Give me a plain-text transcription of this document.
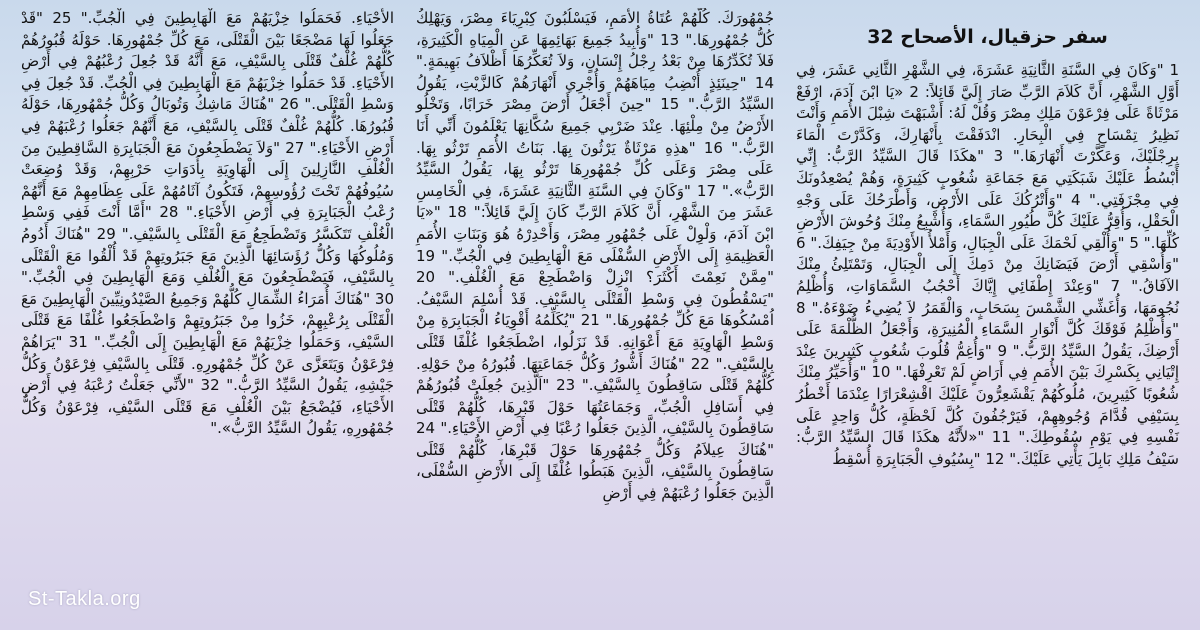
سفر حزقيال، الأصحاح 32
1 "وَكَانَ فِي السَّنَةِ الثَّانِيَةِ عَشَرَةَ، فِي الشَّهْرِ الثَّانِي عَشَرَ، فِي أَوَّلِ الشَّهْرِ، أَنَّ كَلاَمَ الرَّبِّ صَارَ إِلَيَّ قَائِلاً: 2 «يَا ابْنَ آدَمَ، ارْفَعْ مَرْثَاةً عَلَى فِرْعَوْنَ مَلِكِ مِصْرَ وَقُلْ لَهُ: أَشْبَهْتَ شِبْلَ الأُمَمِ وَأَنْتَ نَظِيرُ تِمْسَاحٍ فِي الْبِحَارِ. انْدَفَقْتَ بِأَنْهَارِكَ، وَكَدَّرْتَ الْمَاءَ بِرِجْلَيْكَ، وَعَكَّرْتَ أَنْهَارَهَا." 3 "هكَذَا قَالَ السَّيِّدُ الرَّبُّ: إِنِّي أَبْسُطُ عَلَيْكَ شَبَكَتِي مَعَ جَمَاعَةِ شُعُوبٍ كَثِيرَةٍ، وَهُمْ يُصْعِدُونَكَ فِي مِجْزَفَتِي." 4 "وَأَتْرُكُكَ عَلَى الأَرْضِ، وَأَطْرَحُكَ عَلَى وَجْهِ الْحَقْلِ، وَأُقِرُّ عَلَيْكَ كُلَّ طُيُورِ السَّمَاءِ، وَأُشْبِعُ مِنْكَ وُحُوشَ الأَرْضِ كُلِّهَا." 5 "وَأُلْقِي لَحْمَكَ عَلَى الْجِبَالِ، وَأَمْلأُ الأَوْدِيَةَ مِنْ جِيَفِكَ." 6 "وَأُسْقِي أَرْضَ فَيَضَانِكَ مِنْ دَمِكَ إِلَى الْجِبَالِ، وَتَمْتَلِئُ مِنْكَ الآفَاقُ." 7 "وَعِنْدَ إِطْفَائِي إِيَّاكَ أَحْجُبُ السَّمَاوَاتِ، وَأُظْلِمُ نُجُومَهَا، وَأُغَشِّي الشَّمْسَ بِسَحَابٍ، وَالْقَمَرُ لاَ يُضِيءُ ضَوْءَهُ." 8 "وَأُظْلِمُ فَوْقَكَ كُلَّ أَنْوَارِ السَّمَاءِ الْمُنِيرَةِ، وَأَجْعَلُ الظُّلْمَةَ عَلَى أَرْضِكَ، يَقُولُ السَّيِّدُ الرَّبُّ." 9 "وَأُغِمُّ قُلُوبَ شُعُوبٍ كَثِيرِينَ عِنْدَ إِتْيَانِي بِكَسْرِكَ بَيْنَ الأُمَمِ فِي أَرَاضٍ لَمْ تَعْرِفْهَا." 10 "وَأُحَيِّرُ مِنْكَ شُعُوبًا كَثِيرِينَ، مُلُوكُهُمْ يَقْشَعِرُّونَ عَلَيْكَ اقْشِعْرَارًا عِنْدَمَا أَخْطُرُ بِسَيْفِي قُدَّامَ وُجُوهِهِمْ، فَيَرْجُفُونَ كُلَّ لَحْظَةٍ، كُلُّ وَاحِدٍ عَلَى نَفْسِهِ فِي يَوْمِ سُقُوطِكَ." 11 "«لأَنَّهُ هكَذَا قَالَ السَّيِّدُ الرَّبُّ: سَيْفُ مَلِكِ بَابِلَ يَأْتِي عَلَيْكَ." 12 "بِسُيُوفِ الْجَبَابِرَةِ أُسْقِطُ
جُمْهُورَكَ. كُلُّهُمْ عُتَاةُ الأُمَمِ، فَيَسْلُبُونَ كِبْرِيَاءَ مِصْرَ، وَيَهْلِكُ كُلُّ جُمْهُورِهَا." 13 "وَأُبِيدُ جَمِيعَ بَهَائِمِهَا عَنِ الْمِيَاهِ الْكَثِيرَةِ، فَلاَ تُكَدِّرُهَا مِنْ بَعْدُ رِجْلُ إِنْسَانٍ، وَلاَ تُعَكِّرُهَا أَظْلاَفُ بَهِيمَةٍ." 14 "حِينَئِذٍ أُنْضِبُ مِيَاهَهُمْ وَأُجْرِي أَنْهَارَهُمْ كَالزَّيْتِ، يَقُولُ السَّيِّدُ الرَّبُّ." 15 "حِينَ أَجْعَلُ أَرْضَ مِصْرَ خَرَابًا، وَتَخْلُو الأَرْضُ مِنْ مِلْئِهَا. عِنْدَ ضَرْبِي جَمِيعَ سُكَّانِهَا يَعْلَمُونَ أَنِّي أَنَا الرَّبُّ." 16 "هذِهِ مَرْثَاةٌ يَرْثُونَ بِهَا. بَنَاتُ الأُمَمِ تَرْثُو بِهَا. عَلَى مِصْرَ وَعَلَى كُلِّ جُمْهُورِهَا تَرْثُو بِهَا، يَقُولُ السَّيِّدُ الرَّبُّ»." 17 "وَكَانَ فِي السَّنَةِ الثَّانِيَةِ عَشَرَةَ، فِي الْخَامِسِ عَشَرَ مِنَ الشَّهْرِ، أَنَّ كَلاَمَ الرَّبِّ كَانَ إِلَيَّ قَائِلاً:" 18 "«يَا ابْنَ آدَمَ، وَلْوِلْ عَلَى جُمْهُورِ مِصْرَ، وَأَحْدِرْهُ هُوَ وَبَنَاتِ الأُمَمِ الْعَظِيمَةِ إِلَى الأَرْضِ السُّفْلَى مَعَ الْهَابِطِينَ فِي الْجُبِّ." 19 "مِمَّنْ نَعِمْتَ أَكْثَرَ؟ انْزِلْ وَاضْطَجِعْ مَعَ الْغُلْفِ." 20 "يَسْقُطُونَ فِي وَسْطِ الْقَتْلَى بِالسَّيْفِ. قَدْ أُسْلِمَ السَّيْفُ. اُمْسُكُوهَا مَعَ كُلِّ جُمْهُورِهَا." 21 "يُكَلِّمُهُ أَقْوِيَاءُ الْجَبَابِرَةِ مِنْ وَسْطِ الْهَاوِيَةِ مَعَ أَعْوَانِهِ. قَدْ نَزَلُوا، اضْطَجَعُوا غُلْفًا قَتْلَى بِالسَّيْفِ." 22 "هُنَاكَ أَشُّورُ وَكُلُّ جَمَاعَتِهَا. قُبُورُهُ مِنْ حَوْلِهِ. كُلُّهُمْ قَتْلَى سَاقِطُونَ بِالسَّيْفِ." 23 "اَلَّذِينَ جُعِلَتْ قُبُورُهُمْ فِي أَسَافِلِ الْجُبِّ، وَجَمَاعَتُهَا حَوْلَ قَبْرِهَا، كُلُّهُمْ قَتْلَى سَاقِطُونَ بِالسَّيْفِ، الَّذِينَ جَعَلُوا رُعْبًا فِي أَرْضِ الأَحْيَاءِ." 24 "هُنَاكَ عِيلاَمُ وَكُلُّ جُمْهُورِهَا حَوْلَ قَبْرِهَا، كُلُّهُمْ قَتْلَى سَاقِطُونَ بِالسَّيْفِ، الَّذِينَ هَبَطُوا غُلْفًا إِلَى الأَرْضِ السُّفْلَى، الَّذِينَ جَعَلُوا رُعْبَهُمْ فِي أَرْضِ
الأَحْيَاءِ. فَحَمَلُوا خِزْيَهُمْ مَعَ الْهَابِطِينَ فِي الْجُبِّ." 25 "قَدْ جَعَلُوا لَهَا مَضْجَعًا بَيْنَ الْقَتْلَى، مَعَ كُلِّ جُمْهُورِهَا. حَوْلَهُ قُبُورُهُمْ كُلُّهُمْ غُلْفٌ قَتْلَى بِالسَّيْفِ، مَعَ أَنَّهُ قَدْ جُعِلَ رُعْبُهُمْ فِي أَرْضِ الأَحْيَاءِ. قَدْ حَمَلُوا خِزْيَهُمْ مَعَ الْهَابِطِينَ فِي الْجُبِّ. قَدْ جُعِلَ فِي وَسْطِ الْقَتْلَى." 26 "هُنَاكَ مَاشِكُ وَتُوبَالُ وَكُلُّ جُمْهُورِهَا، حَوْلَهُ قُبُورُهَا. كُلُّهُمْ غُلْفٌ قَتْلَى بِالسَّيْفِ، مَعَ أَنَّهُمْ جَعَلُوا رُعْبَهُمْ فِي أَرْضِ الأَحْيَاءِ." 27 "وَلاَ يَضْطَجِعُونَ مَعَ الْجَبَابِرَةِ السَّاقِطِينَ مِنَ الْغُلْفِ النَّازِلِينَ إِلَى الْهَاوِيَةِ بِأَدَوَاتِ حَرْبِهِمْ، وَقَدْ وُضِعَتْ سُيُوفُهُمْ تَحْتَ رُؤُوسِهِمْ، فَتَكُونُ آثَامُهُمْ عَلَى عِظَامِهِمْ مَعَ أَنَّهُمْ رُعْبُ الْجَبَابِرَةِ فِي أَرْضِ الأَحْيَاءِ." 28 "أَمَّا أَنْتَ فَفِي وَسْطِ الْغُلْفِ تَتَكَسَّرُ وَتَضْطَجِعُ مَعَ الْقَتْلَى بِالسَّيْفِ." 29 "هُنَاكَ أَدُومُ وَمُلُوكُهَا وَكُلُّ رُؤَسَائِهَا الَّذِينَ مَعَ جَبَرُوتِهِمْ قَدْ أُلْقُوا مَعَ الْقَتْلَى بِالسَّيْفِ، فَيَضْطَجِعُونَ مَعَ الْغُلْفِ وَمَعَ الْهَابِطِينَ فِي الْجُبِّ." 30 "هُنَاكَ أُمَرَاءُ الشِّمَالِ كُلُّهُمْ وَجَمِيعُ الصَّيْدُونِيِّينَ الْهَابِطِينَ مَعَ الْقَتْلَى بِرُعْبِهِمْ، خَزُوا مِنْ جَبَرُوتِهِمْ وَاضْطَجَعُوا غُلْفًا مَعَ قَتْلَى السَّيْفِ، وَحَمَلُوا خِزْيَهُمْ مَعَ الْهَابِطِينَ إِلَى الْجُبِّ." 31 "يَرَاهُمْ فِرْعَوْنُ وَيَتَعَزَّى عَنْ كُلِّ جُمْهُورِهِ. قَتْلَى بِالسَّيْفِ فِرْعَوْنُ وَكُلُّ جَيْشِهِ، يَقُولُ السَّيِّدُ الرَّبُّ." 32 "لأَنِّي جَعَلْتُ رُعْبَهُ فِي أَرْضِ الأَحْيَاءِ، فَيُضْجَعُ بَيْنَ الْغُلْفِ مَعَ قَتْلَى السَّيْفِ، فِرْعَوْنُ وَكُلُّ جُمْهُورِهِ، يَقُولُ السَّيِّدُ الرَّبُّ»."
St-Takla.org
